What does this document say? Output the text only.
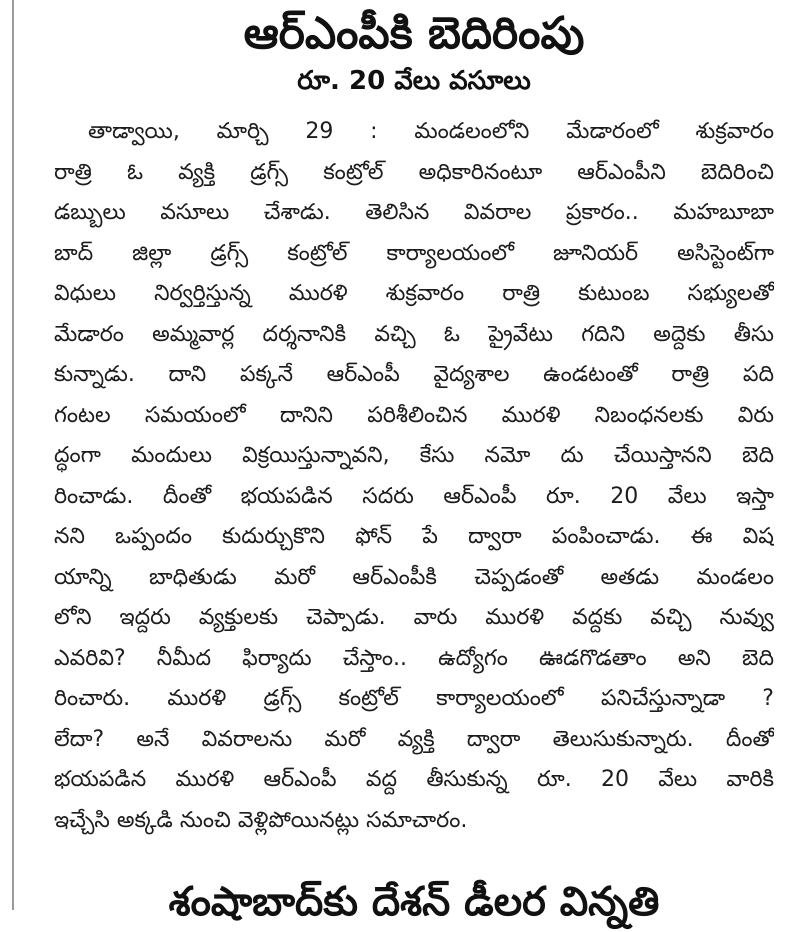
ఆర్‌ఎంపీకి బెదిరింపు
రూ. 20 వేలు వసూలు
తాడ్వాయి, మార్చి 29 : మండలంలోని మేడారంలో శుక్రవారం
రాత్రి ఓ వ్యక్తి డ్రగ్స్ కంట్రోల్ అధికారినంటూ ఆర్‌ఎంపీని బెదిరించి
డబ్బులు వసూలు చేశాడు. తెలిసిన వివరాల ప్రకారం.. మహబూబా
బాద్ జిల్లా డ్రగ్స్ కంట్రోల్ కార్యాలయంలో జూనియర్ అసిస్టెంట్‌గా
విధులు నిర్వర్తిస్తున్న మురళి శుక్రవారం రాత్రి కుటుంబ సభ్యులతో
మేడారం అమ్మవార్ల దర్శనానికి వచ్చి ఓ ప్రైవేటు గదిని అద్దెకు తీసు
కున్నాడు. దాని పక్కనే ఆర్‌ఎంపీ వైద్యశాల ఉండటంతో రాత్రి పది
గంటల సమయంలో దానిని పరిశీలించిన మురళి నిబంధనలకు విరు
ద్ధంగా మందులు విక్రయిస్తున్నావని, కేసు నమో దు చేయిస్తానని బెది
రించాడు. దీంతో భయపడిన సదరు ఆర్‌ఎంపీ రూ. 20 వేలు ఇస్తా
నని ఒప్పందం కుదుర్చుకొని ఫోన్ పే ద్వారా పంపించాడు. ఈ విష
యాన్ని బాధితుడు మరో ఆర్‌ఎంపీకి చెప్పడంతో అతడు మండలం
లోని ఇద్దరు వ్యక్తులకు చెప్పాడు. వారు మురళి వద్దకు వచ్చి నువ్వు
ఎవరివి? నీమీద ఫిర్యాదు చేస్తాం.. ఉద్యోగం ఊడగొడతాం అని బెది
రించారు. మురళి డ్రగ్స్ కంట్రోల్ కార్యాలయంలో పనిచేస్తున్నాడా ?
లేదా? అనే వివరాలను మరో వ్యక్తి ద్వారా తెలుసుకున్నారు. దీంతో
భయపడిన మురళి ఆర్‌ఎంపీ వద్ద తీసుకున్న రూ. 20 వేలు వారికి
ఇచ్చేసి అక్కడి నుంచి వెళ్లిపోయినట్లు సమాచారం.
శంషాబాద్‌కు దేశన్ డీలర విన్నతి
